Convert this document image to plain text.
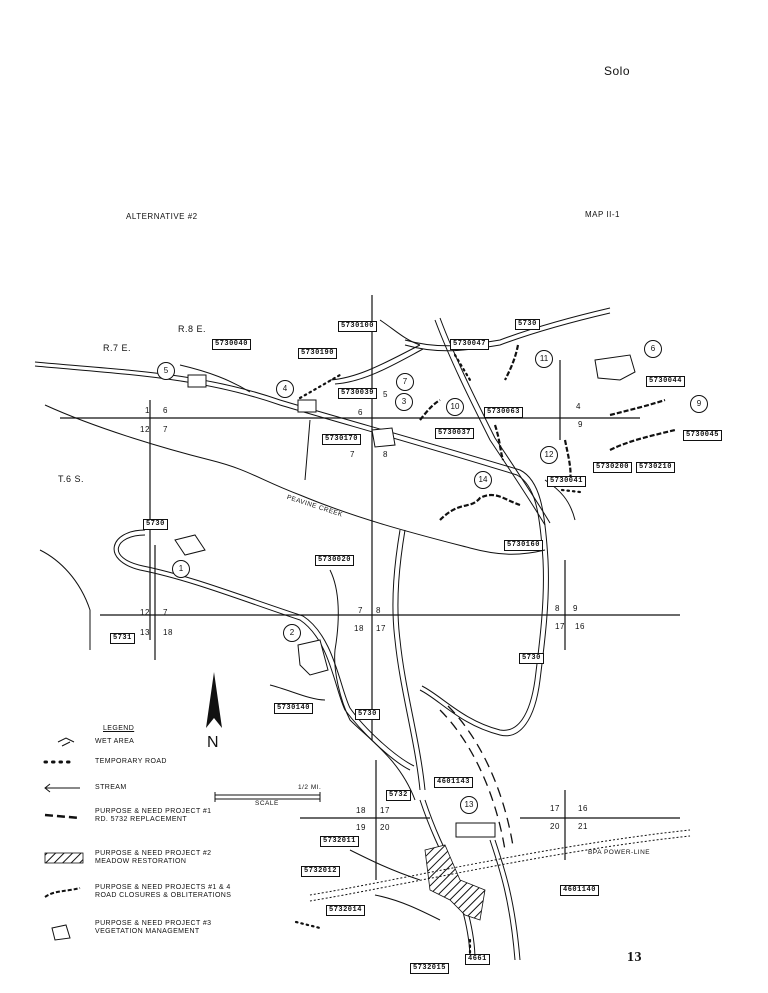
Solo
ALTERNATIVE #2	MAP II-1
R.8 E.
R.7 E.
T.6 S.
1 6
12 7
7	8
5
6
4
9
12 7
13 18
7 8
18 17
8 9
17 16
18 17
19 20
17 16
20 21
PEAVINE CREEK
BPA POWER-LINE
N
5730040
5730100
5730190
5730
5730047
5730039
5730170
5730037
5730063
5730044
5730045
5730200	5730210
5730041
5730160
5730
5730020
5731
5730
5730140
5730
5732
4601143
5732011
5732012
5732014
4601140
5732015
4661
1
2
3
4
5
6
7
9
10
11
12
13
14
SCALE
1/2 MI.
LEGEND
WET AREA
TEMPORARY ROAD
STREAM
PURPOSE & NEED PROJECT #1 RD. 5732 REPLACEMENT
PURPOSE & NEED PROJECT #2 MEADOW RESTORATION
PURPOSE & NEED PROJECTS #1 & 4 ROAD CLOSURES & OBLITERATIONS
PURPOSE & NEED PROJECT #3 VEGETATION MANAGEMENT
13
